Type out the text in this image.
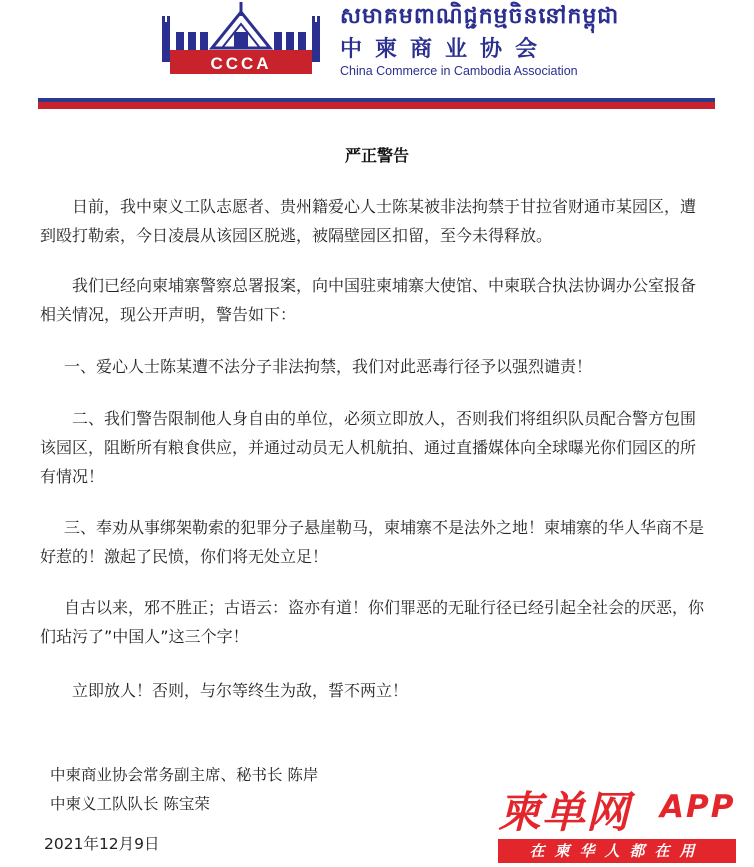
CCCA
សមាគមពាណិជ្ជកម្មចិននៅកម្ពុជា
中柬商业协会
China Commerce in Cambodia Association
严正警告

日前，我中柬义工队志愿者、贵州籍爱心人士陈某被非法拘禁于甘拉省财通市某园区，遭到殴打勒索，今日凌晨从该园区脱逃，被隔壁园区扣留，至今未得释放。

我们已经向柬埔寨警察总署报案，向中国驻柬埔寨大使馆、中柬联合执法协调办公室报备相关情况，现公开声明，警告如下：

一、爱心人士陈某遭不法分子非法拘禁，我们对此恶毒行径予以强烈谴责！

二、我们警告限制他人身自由的单位，必须立即放人，否则我们将组织队员配合警方包围该园区，阻断所有粮食供应，并通过动员无人机航拍、通过直播媒体向全球曝光你们园区的所有情况！

三、奉劝从事绑架勒索的犯罪分子悬崖勒马，柬埔寨不是法外之地！柬埔寨的华人华商不是好惹的！激起了民愤，你们将无处立足！

自古以来，邪不胜正；古语云：盗亦有道！你们罪恶的无耻行径已经引起全社会的厌恶，你们玷污了”中国人”这三个字！

立即放人！否则，与尔等终生为敌，誓不两立！

中柬商业协会常务副主席、秘书长 陈岸
中柬义工队队长 陈宝荣
2021年12月9日
柬单网 APP
在柬华人都在用
